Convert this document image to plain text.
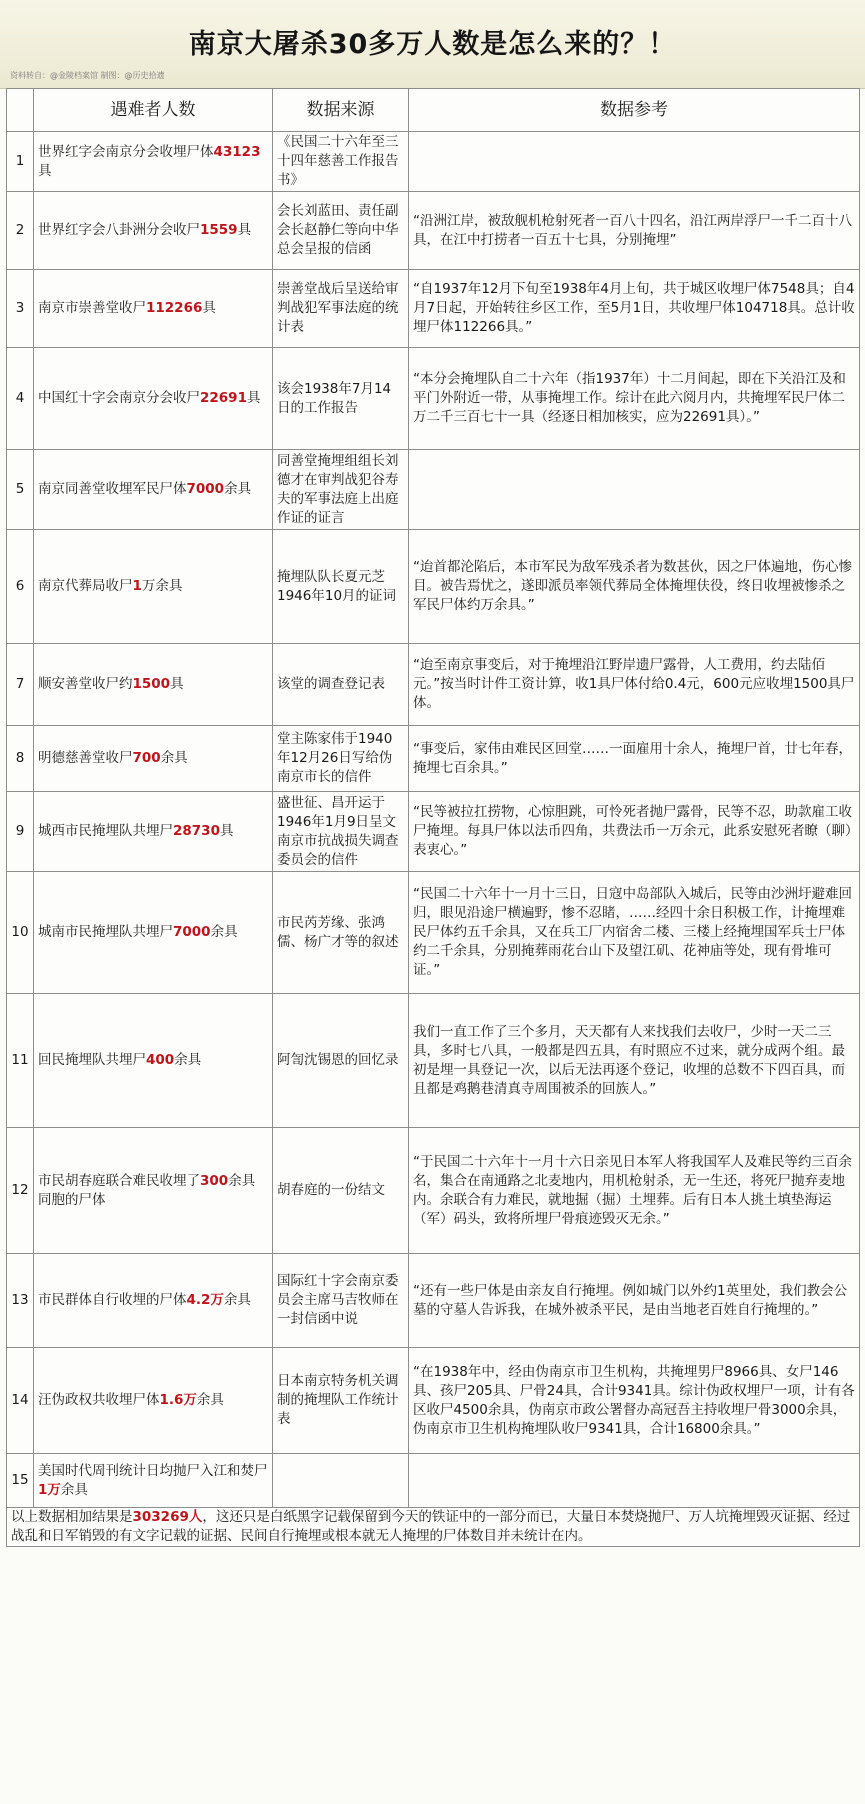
南京大屠杀30多万人数是怎么来的？！
资料转自：@金陵档案馆 制图：@历史拾遗
	遇难者人数	数据来源	数据参考
1	世界红字会南京分会收埋尸体43123具	《民国二十六年至三十四年慈善工作报告书》	
2	世界红字会八卦洲分会收尸1559具	会长刘蓝田、责任副会长赵静仁等向中华总会呈报的信函	“沿洲江岸，被敌舰机枪射死者一百八十四名，沿江两岸浮尸一千二百十八具，在江中打捞者一百五十七具，分别掩埋”
3	南京市崇善堂收尸112266具	崇善堂战后呈送给审判战犯军事法庭的统计表	“自1937年12月下旬至1938年4月上旬，共于城区收埋尸体7548具；自4月7日起，开始转往乡区工作，至5月1日，共收埋尸体104718具。总计收埋尸体112266具。”
4	中国红十字会南京分会收尸22691具	该会1938年7月14日的工作报告	“本分会掩埋队自二十六年（指1937年）十二月间起，即在下关沿江及和平门外附近一带，从事掩埋工作。综计在此六阅月内，共掩埋军民尸体二万二千三百七十一具（经逐日相加核实，应为22691具）。”
5	南京同善堂收埋军民尸体7000余具	同善堂掩埋组组长刘德才在审判战犯谷寿夫的军事法庭上出庭作证的证言	
6	南京代葬局收尸1万余具	掩埋队队长夏元芝1946年10月的证词	“迨首都沦陷后，本市军民为敌军残杀者为数甚伙，因之尸体遍地，伤心惨目。被告焉忧之，遂即派员率领代葬局全体掩埋伕役，终日收埋被惨杀之军民尸体约万余具。”
7	顺安善堂收尸约1500具	该堂的调查登记表	“迨至南京事变后，对于掩埋沿江野岸遗尸露骨，人工费用，约去陆佰元。”按当时计件工资计算，收1具尸体付给0.4元，600元应收埋1500具尸体。
8	明德慈善堂收尸700余具	堂主陈家伟于1940年12月26日写给伪南京市长的信件	“事变后，家伟由难民区回堂……一面雇用十余人，掩埋尸首，廿七年春，掩埋七百余具。”
9	城西市民掩埋队共埋尸28730具	盛世征、昌开运于1946年1月9日呈文南京市抗战损失调查委员会的信件	“民等被拉扛捞物，心惊胆跳，可怜死者抛尸露骨，民等不忍，助款雇工收尸掩埋。每具尸体以法币四角，共费法币一万余元，此系安慰死者瞭（聊）表衷心。”
10	城南市民掩埋队共埋尸7000余具	市民芮芳缘、张鸿儒、杨广才等的叙述	“民国二十六年十一月十三日，日寇中岛部队入城后，民等由沙洲圩避难回归，眼见沿途尸横遍野，惨不忍睹，……经四十余日积极工作，计掩埋难民尸体约五千余具，又在兵工厂内宿舍二楼、三楼上经掩埋国军兵士尸体约二千余具，分别掩葬雨花台山下及望江矶、花神庙等处，现有骨堆可证。”
11	回民掩埋队共埋尸400余具	阿訇沈锡恩的回忆录	我们一直工作了三个多月，天天都有人来找我们去收尸，少时一天二三具，多时七八具，一般都是四五具，有时照应不过来，就分成两个组。最初是埋一具登记一次，以后无法再逐个登记，收埋的总数不下四百具，而且都是鸡鹅巷清真寺周围被杀的回族人。”
12	市民胡春庭联合难民收埋了300余具同胞的尸体	胡春庭的一份结文	“于民国二十六年十一月十六日亲见日本军人将我国军人及难民等约三百余名，集合在南通路之北麦地内，用机枪射杀，无一生还，将死尸抛弃麦地内。余联合有力难民，就地掘（掘）土埋葬。后有日本人挑土填垫海运（军）码头，致将所埋尸骨痕迹毁灭无余。”
13	市民群体自行收埋的尸体4.2万余具	国际红十字会南京委员会主席马吉牧师在一封信函中说	“还有一些尸体是由亲友自行掩埋。例如城门以外约1英里处，我们教会公墓的守墓人告诉我，在城外被杀平民，是由当地老百姓自行掩埋的。”
14	汪伪政权共收埋尸体1.6万余具	日本南京特务机关调制的掩埋队工作统计表	“在1938年中，经由伪南京市卫生机构，共掩埋男尸8966具、女尸146具、孩尸205具、尸骨24具，合计9341具。综计伪政权埋尸一项，计有各区收尸4500余具，伪南京市政公署督办高冠吾主持收埋尸骨3000余具，伪南京市卫生机构掩埋队收尸9341具，合计16800余具。”
15	美国时代周刊统计日均抛尸入江和焚尸1万余具		
以上数据相加结果是303269人，这还只是白纸黑字记载保留到今天的铁证中的一部分而已，大量日本焚烧抛尸、万人坑掩埋毁灭证据、经过战乱和日军销毁的有文字记载的证据、民间自行掩埋或根本就无人掩埋的尸体数目并未统计在内。			
